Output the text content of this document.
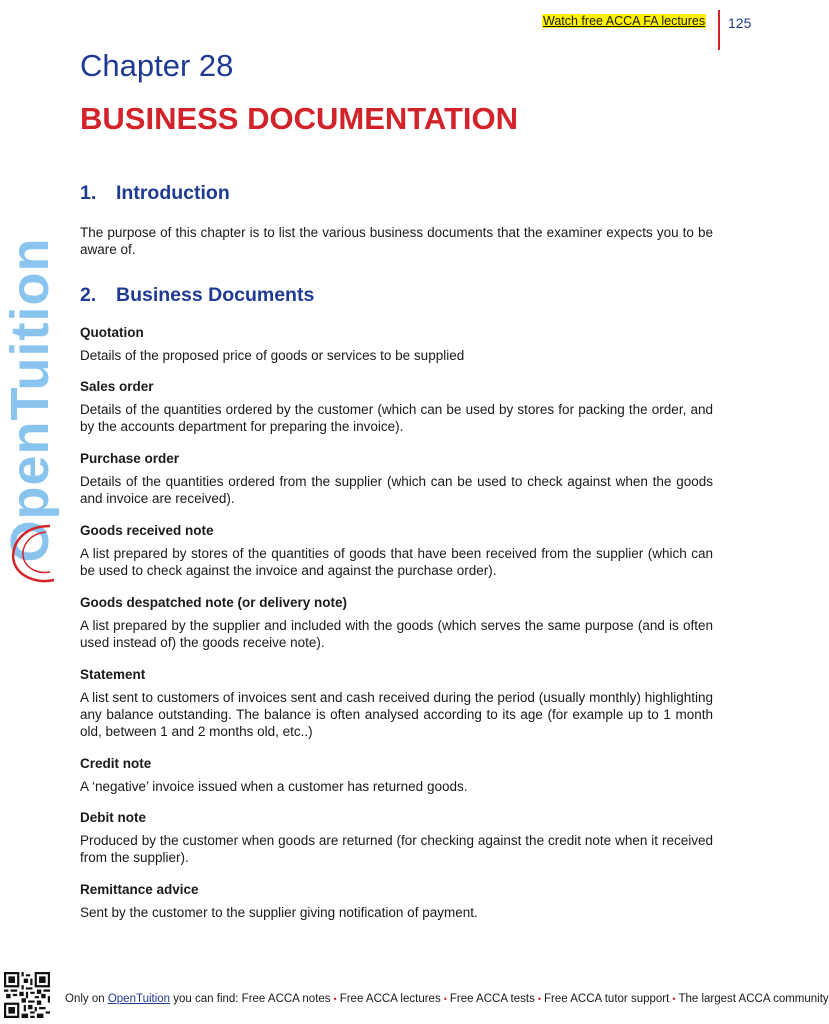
Watch free ACCA FA lectures 125
OpenTuition
Chapter 28
BUSINESS DOCUMENTATION
1. Introduction
The purpose of this chapter is to list the various business documents that the examiner expects you to be aware of.
2. Business Documents
Quotation
Details of the proposed price of goods or services to be supplied
Sales order
Details of the quantities ordered by the customer (which can be used by stores for packing the order, and by the accounts department for preparing the invoice).
Purchase order
Details of the quantities ordered from the supplier (which can be used to check against when the goods and invoice are received).
Goods received note
A list prepared by stores of the quantities of goods that have been received from the supplier (which can be used to check against the invoice and against the purchase order).
Goods despatched note (or delivery note)
A list prepared by the supplier and included with the goods (which serves the same purpose (and is often used instead of) the goods receive note).
Statement
A list sent to customers of invoices sent and cash received during the period (usually monthly) highlighting any balance outstanding. The balance is often analysed according to its age (for example up to 1 month old, between 1 and 2 months old, etc..)
Credit note
A ‘negative’ invoice issued when a customer has returned goods.
Debit note
Produced by the customer when goods are returned (for checking against the credit note when it received from the supplier).
Remittance advice
Sent by the customer to the supplier giving notification of payment.
Only on OpenTuition you can find: Free ACCA notes • Free ACCA lectures • Free ACCA tests • Free ACCA tutor support • The largest ACCA community
